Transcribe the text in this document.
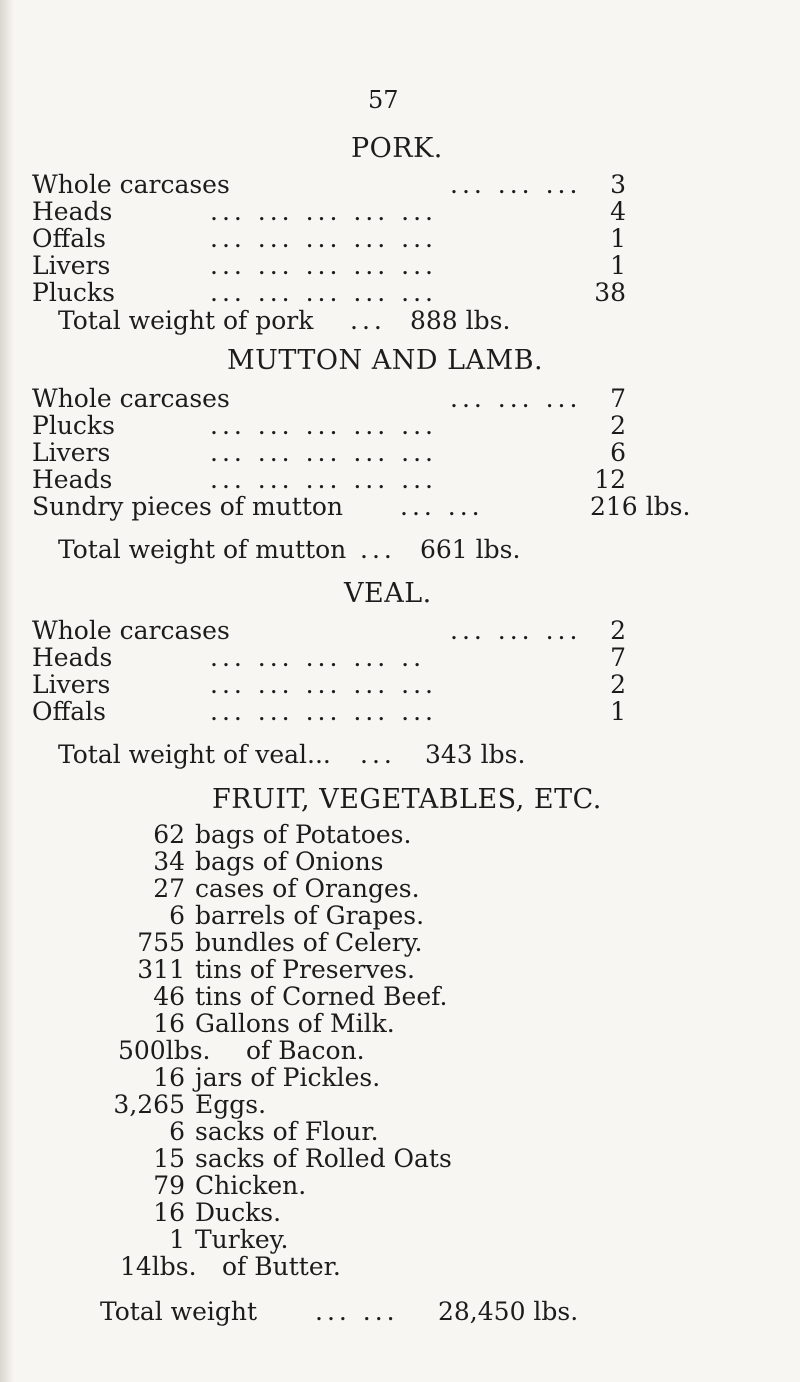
57
PORK.
Whole carcases	... ... ...	3
Heads	... ... ... ... ...	4
Offals	... ... ... ... ...	1
Livers	... ... ... ... ...	1
Plucks	... ... ... ... ...	38
Total weight of pork ... 888 lbs.
MUTTON AND LAMB.
Whole carcases	... ... ...	7
Plucks	... ... ... ... ...	2
Livers	... ... ... ... ...	6
Heads	... ... ... ... ...	12
Sundry pieces of mutton ... ...	216 lbs.
Total weight of mutton ... 661 lbs.
VEAL.
Whole carcases	... ... ...	2
Heads	... ... ... ... ..	7
Livers	... ... ... ... ...	2
Offals	... ... ... ... ...	1
Total weight of veal... ... 343 lbs.
FRUIT, VEGETABLES, ETC.
62 bags of Potatoes.
34 bags of Onions
27 cases of Oranges.
6 barrels of Grapes.
755 bundles of Celery.
311 tins of Preserves.
46 tins of Corned Beef.
16 Gallons of Milk.
500lbs. of Bacon.
16 jars of Pickles.
3,265 Eggs.
6 sacks of Flour.
15 sacks of Rolled Oats
79 Chicken.
16 Ducks.
1 Turkey.
14lbs. of Butter.
Total weight ... ... 28,450 lbs.
